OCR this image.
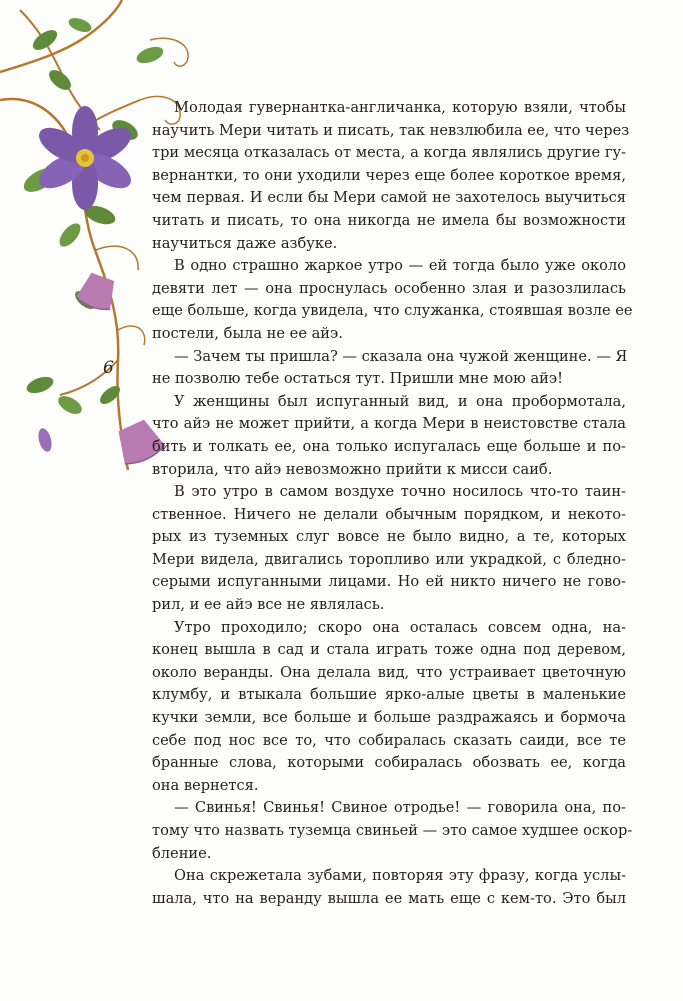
6
Молодая гувернантка-англичанка, которую взяли, чтобы
научить Мери читать и писать, так невзлюбила ее, что через
три месяца отказалась от места, а когда являлись другие гу-
вернантки, то они уходили через еще более короткое время,
чем первая. И если бы Мери самой не захотелось выучиться
читать и писать, то она никогда не имела бы возможности
научиться даже азбуке.
В одно страшно жаркое утро — ей тогда было уже около
девяти лет — она проснулась особенно злая и разозлилась
еще больше, когда увидела, что служанка, стоявшая возле ее
постели, была не ее айэ.
— Зачем ты пришла? — сказала она чужой женщине. — Я
не позволю тебе остаться тут. Пришли мне мою айэ!
У женщины был испуганный вид, и она пробормотала,
что айэ не может прийти, а когда Мери в неистовстве стала
бить и толкать ее, она только испугалась еще больше и по-
вторила, что айэ невозможно прийти к мисси саиб.
В это утро в самом воздухе точно носилось что-то таин-
ственное. Ничего не делали обычным порядком, и некото-
рых из туземных слуг вовсе не было видно, а те, которых
Мери видела, двигались торопливо или украдкой, с бледно-
серыми испуганными лицами. Но ей никто ничего не гово-
рил, и ее айэ все не являлась.
Утро проходило; скоро она осталась совсем одна, на-
конец вышла в сад и стала играть тоже одна под деревом,
около веранды. Она делала вид, что устраивает цветочную
клумбу, и втыкала большие ярко-алые цветы в маленькие
кучки земли, все больше и больше раздражаясь и бормоча
себе под нос все то, что собиралась сказать саиди, все те
бранные слова, которыми собиралась обозвать ее, когда
она вернется.
— Свинья! Свинья! Свиное отродье! — говорила она, по-
тому что назвать туземца свиньей — это самое худшее оскор-
бление.
Она скрежетала зубами, повторяя эту фразу, когда услы-
шала, что на веранду вышла ее мать еще с кем-то. Это был
